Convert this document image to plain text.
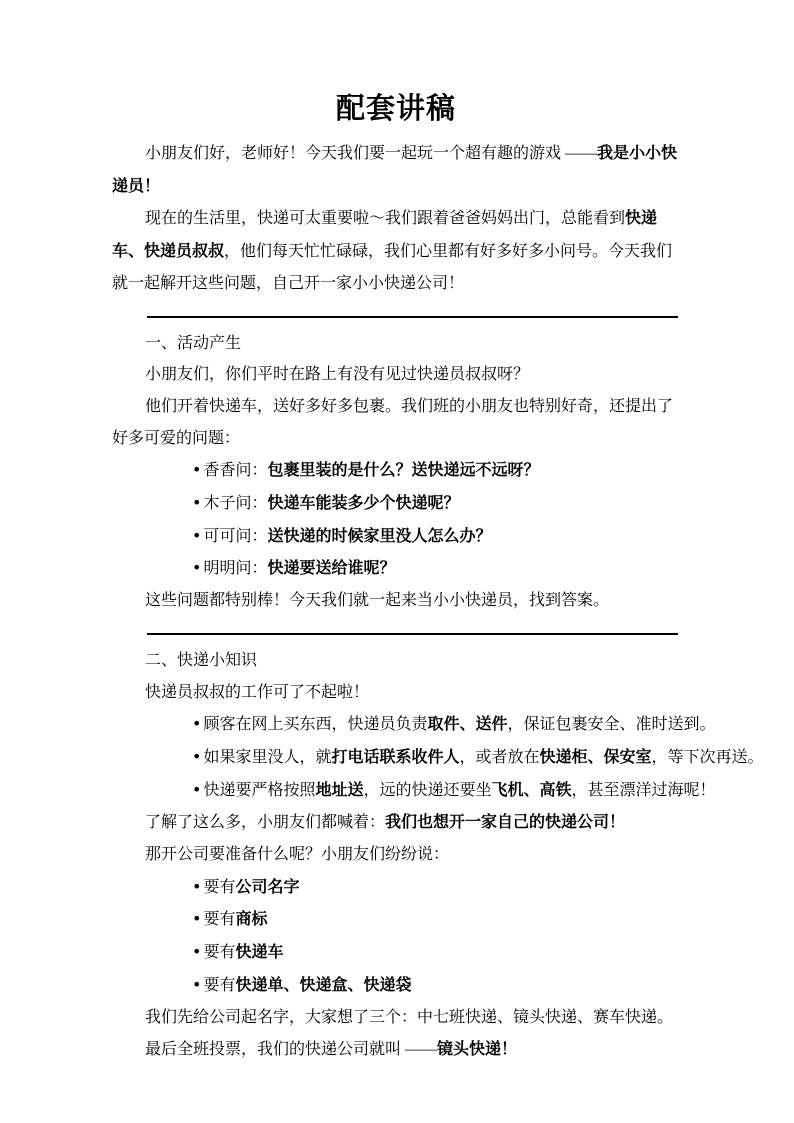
配套讲稿

小朋友们好，老师好！今天我们要一起玩一个超有趣的游戏 ——我是小小快递员！

现在的生活里，快递可太重要啦～我们跟着爸爸妈妈出门，总能看到快递车、快递员叔叔，他们每天忙忙碌碌，我们心里都有好多好多小问号。今天我们就一起解开这些问题，自己开一家小小快递公司！

一、活动产生

小朋友们，你们平时在路上有没有见过快递员叔叔呀？

他们开着快递车，送好多好多包裹。我们班的小朋友也特别好奇，还提出了好多可爱的问题：

• 香香问：包裹里装的是什么？送快递远不远呀？

• 木子问：快递车能装多少个快递呢？

• 可可问：送快递的时候家里没人怎么办？

• 明明问：快递要送给谁呢？

这些问题都特别棒！今天我们就一起来当小小快递员，找到答案。

二、快递小知识

快递员叔叔的工作可了不起啦！

• 顾客在网上买东西，快递员负责取件、送件，保证包裹安全、准时送到。

• 如果家里没人，就打电话联系收件人，或者放在快递柜、保安室，等下次再送。

• 快递要严格按照地址送，远的快递还要坐飞机、高铁，甚至漂洋过海呢！

了解了这么多，小朋友们都喊着：我们也想开一家自己的快递公司！

那开公司要准备什么呢？小朋友们纷纷说：

• 要有公司名字

• 要有商标

• 要有快递车

• 要有快递单、快递盒、快递袋

我们先给公司起名字，大家想了三个：中七班快递、镜头快递、赛车快递。

最后全班投票，我们的快递公司就叫 ——镜头快递！
